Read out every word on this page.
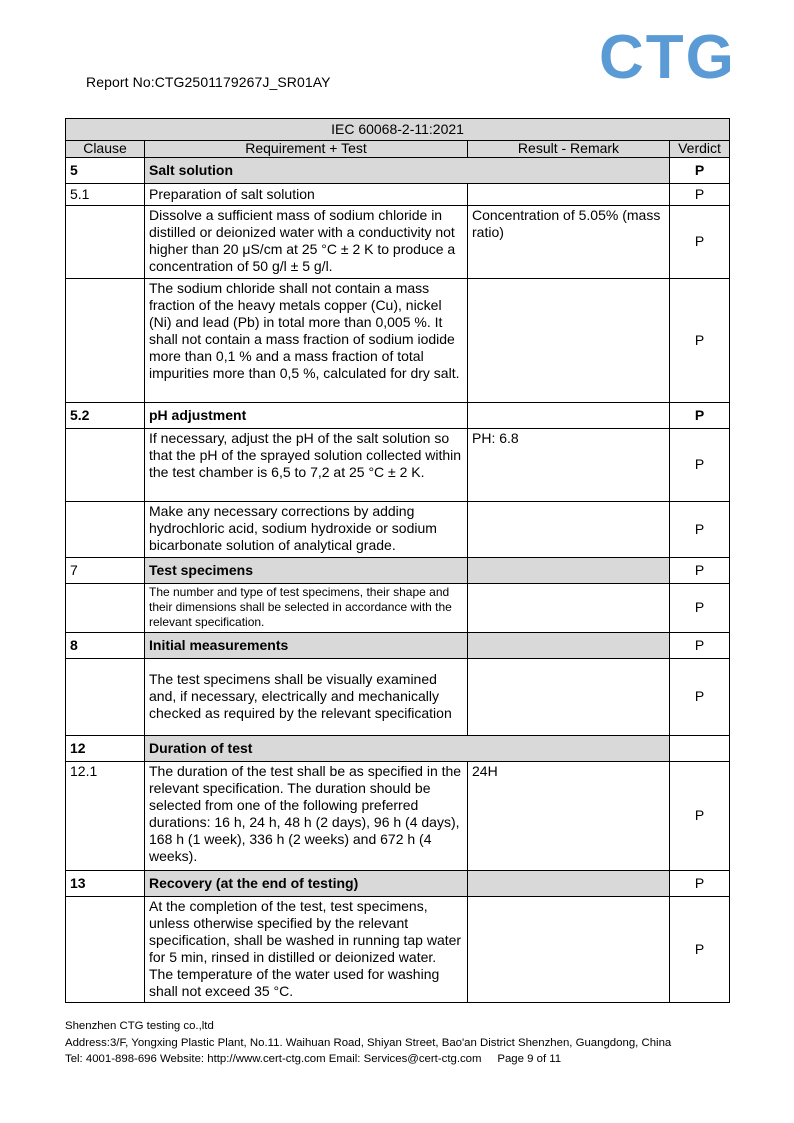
Report No:CTG2501179267J_SR01AY	CTG
IEC 60068-2-11:2021			
Clause	Requirement + Test	Result - Remark	Verdict
5	Salt solution		P
5.1	Preparation of salt solution		P
	Dissolve a sufficient mass of sodium chloride in distilled or deionized water with a conductivity not higher than 20 μS/cm at 25 °C ± 2 K to produce a concentration of 50 g/l ± 5 g/l.	Concentration of 5.05% (mass ratio)	P
	The sodium chloride shall not contain a mass fraction of the heavy metals copper (Cu), nickel (Ni) and lead (Pb) in total more than 0,005 %. It shall not contain a mass fraction of sodium iodide more than 0,1 % and a mass fraction of total impurities more than 0,5 %, calculated for dry salt.		P
5.2	pH adjustment		P
	If necessary, adjust the pH of the salt solution so that the pH of the sprayed solution collected within the test chamber is 6,5 to 7,2 at 25 °C ± 2 K.	PH: 6.8	P
	Make any necessary corrections by adding hydrochloric acid, sodium hydroxide or sodium bicarbonate solution of analytical grade.		P
7	Test specimens		P
	The number and type of test specimens, their shape and their dimensions shall be selected in accordance with the relevant specification.		P
8	Initial measurements		P
	The test specimens shall be visually examined and, if necessary, electrically and mechanically checked as required by the relevant specification		P
12	Duration of test		
12.1	The duration of the test shall be as specified in the relevant specification. The duration should be selected from one of the following preferred durations: 16 h, 24 h, 48 h (2 days), 96 h (4 days), 168 h (1 week), 336 h (2 weeks) and 672 h (4 weeks).	24H	P
13	Recovery (at the end of testing)		P
	At the completion of the test, test specimens, unless otherwise specified by the relevant specification, shall be washed in running tap water for 5 min, rinsed in distilled or deionized water. The temperature of the water used for washing shall not exceed 35 °C.		P
Shenzhen CTG testing co.,ltd
Address:3/F, Yongxing Plastic Plant, No.11. Waihuan Road, Shiyan Street, Bao'an District Shenzhen, Guangdong, China
Tel: 4001-898-696 Website: http://www.cert-ctg.com Email: Services@cert-ctg.com Page 9 of 11
